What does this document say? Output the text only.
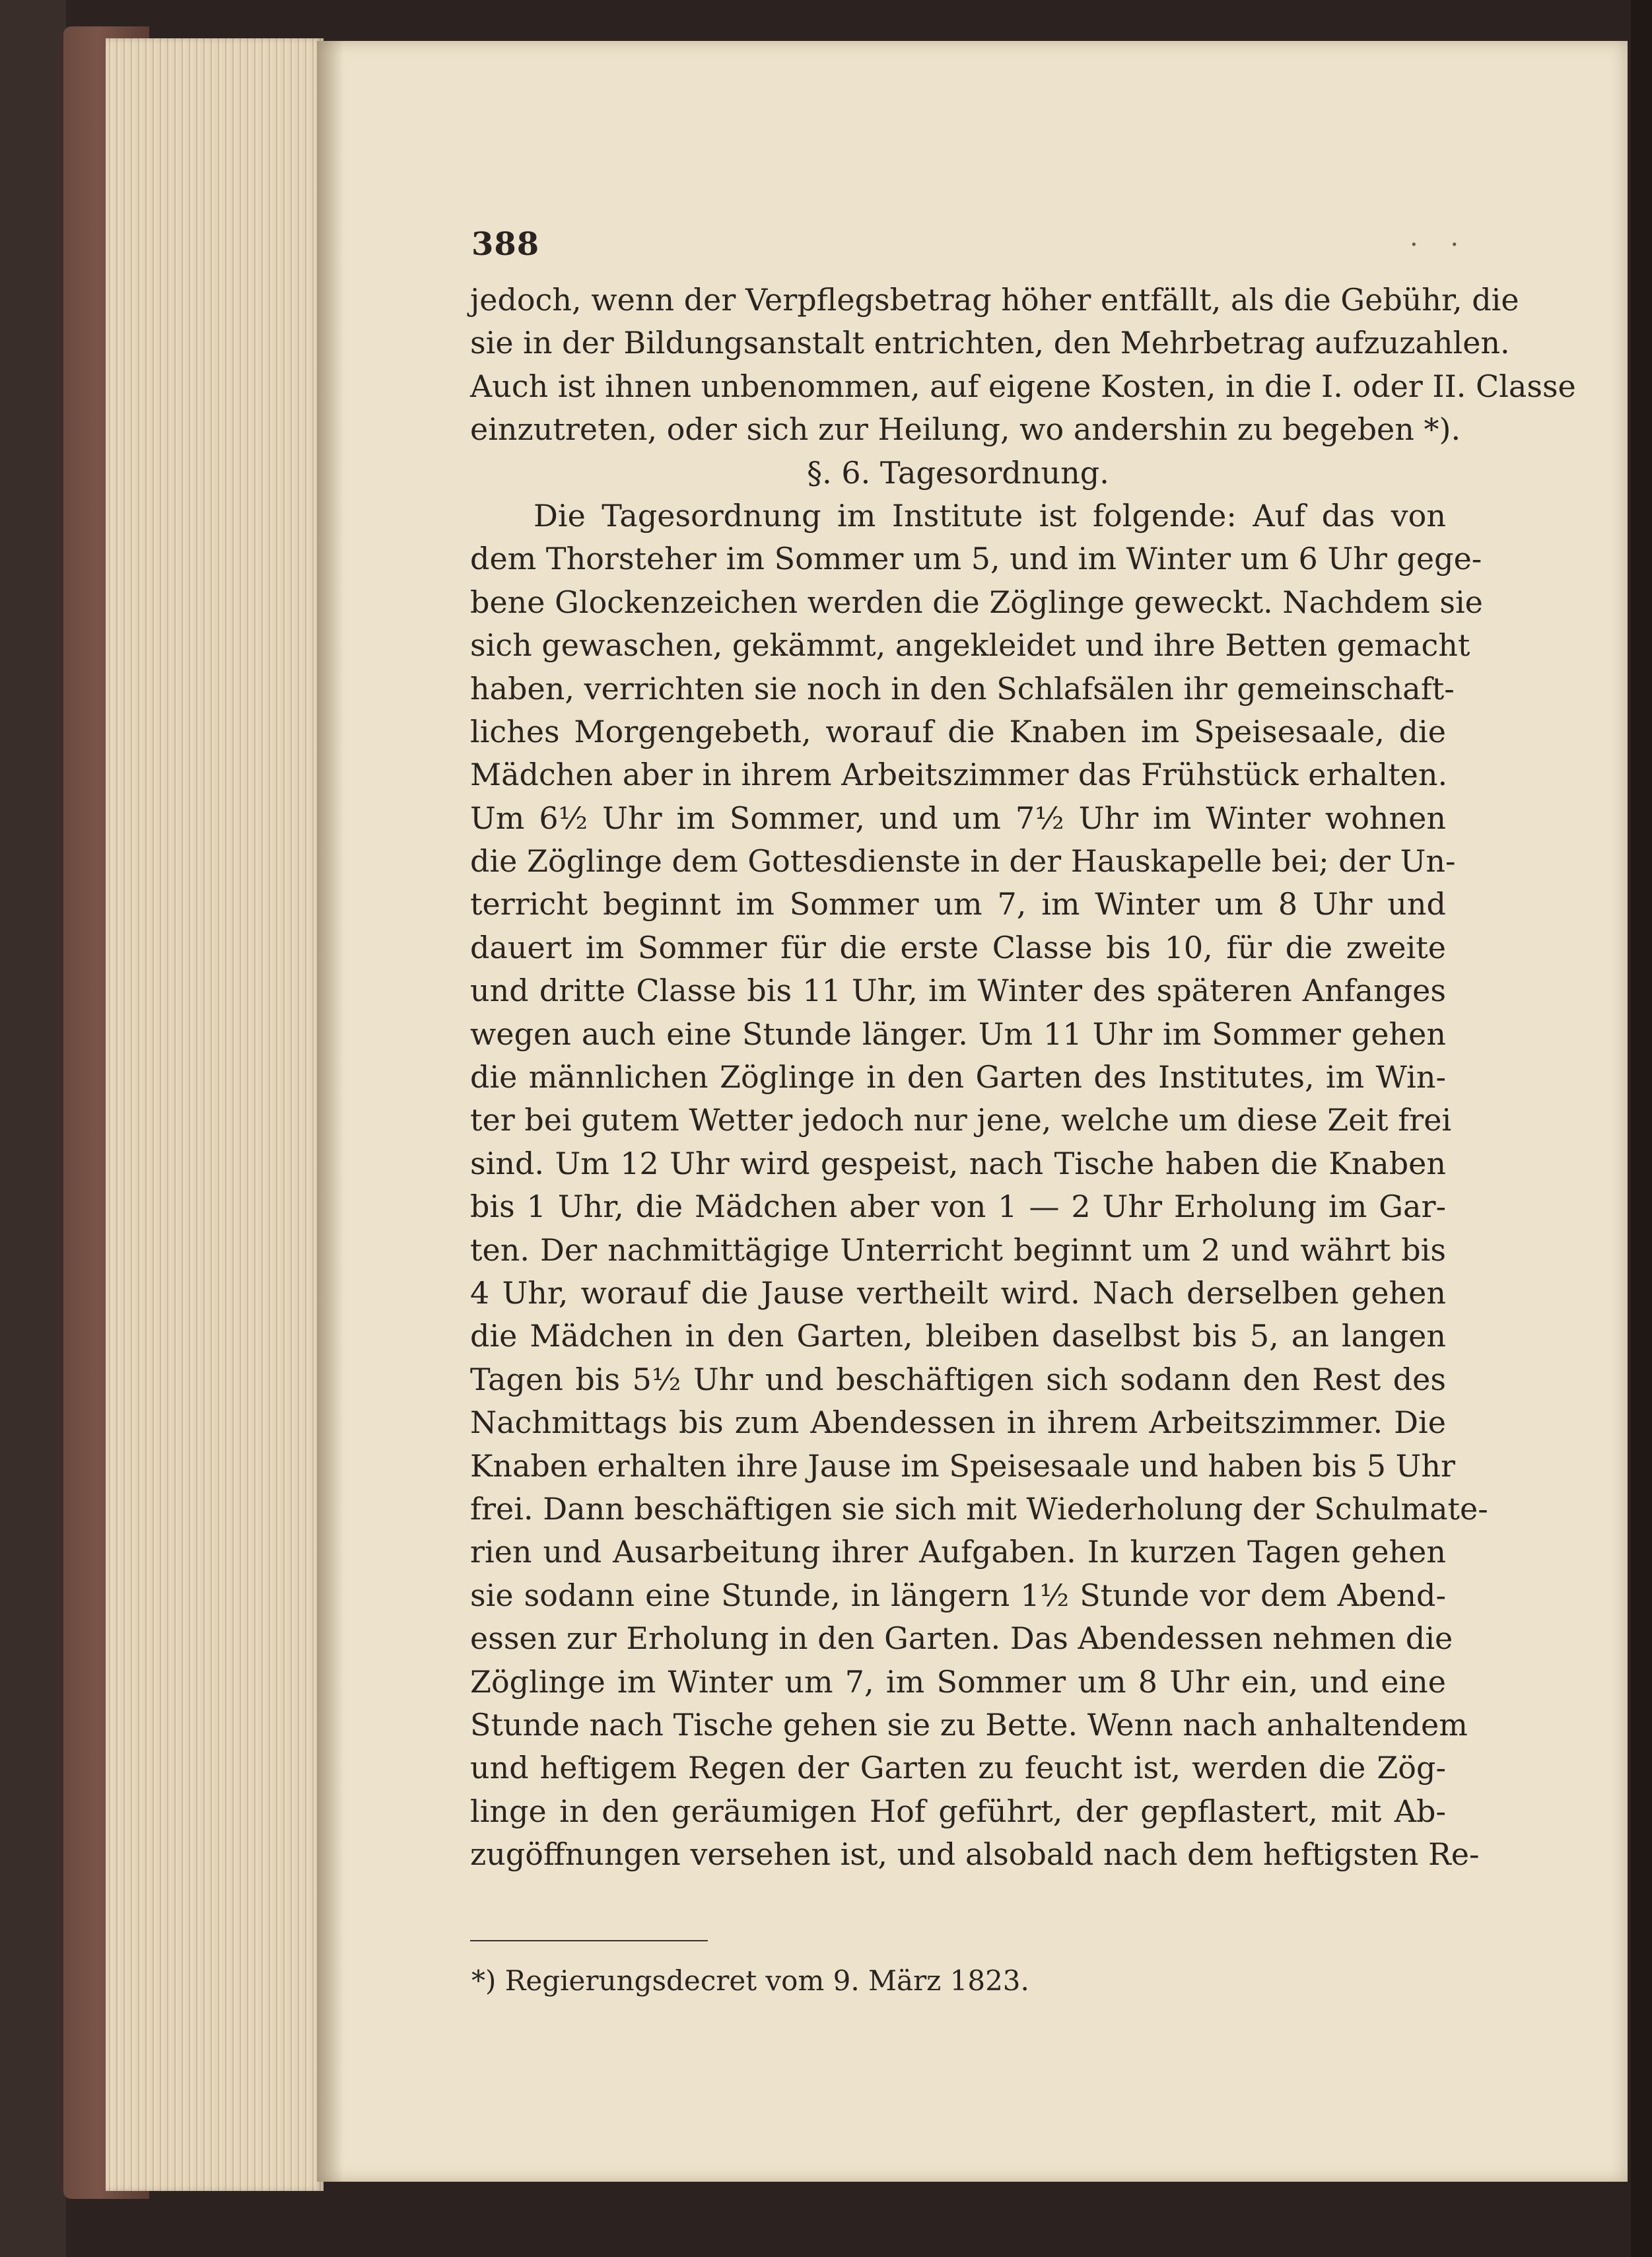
388	. .
jedoch, wenn der Verpflegsbetrag höher entfällt, als die Gebühr, die
sie in der Bildungsanstalt entrichten, den Mehrbetrag aufzuzahlen.
Auch ist ihnen unbenommen, auf eigene Kosten, in die I. oder II. Classe
einzutreten, oder sich zur Heilung, wo andershin zu begeben *).
§. 6. Tagesordnung.
Die Tagesordnung im Institute ist folgende: Auf das von
dem Thorsteher im Sommer um 5, und im Winter um 6 Uhr gege-
bene Glockenzeichen werden die Zöglinge geweckt. Nachdem sie
sich gewaschen, gekämmt, angekleidet und ihre Betten gemacht
haben, verrichten sie noch in den Schlafsälen ihr gemeinschaft-
liches Morgengebeth, worauf die Knaben im Speisesaale, die
Mädchen aber in ihrem Arbeitszimmer das Frühstück erhalten.
Um 6½ Uhr im Sommer, und um 7½ Uhr im Winter wohnen
die Zöglinge dem Gottesdienste in der Hauskapelle bei; der Un-
terricht beginnt im Sommer um 7, im Winter um 8 Uhr und
dauert im Sommer für die erste Classe bis 10, für die zweite
und dritte Classe bis 11 Uhr, im Winter des späteren Anfanges
wegen auch eine Stunde länger. Um 11 Uhr im Sommer gehen
die männlichen Zöglinge in den Garten des Institutes, im Win-
ter bei gutem Wetter jedoch nur jene, welche um diese Zeit frei
sind. Um 12 Uhr wird gespeist, nach Tische haben die Knaben
bis 1 Uhr, die Mädchen aber von 1 — 2 Uhr Erholung im Gar-
ten. Der nachmittägige Unterricht beginnt um 2 und währt bis
4 Uhr, worauf die Jause vertheilt wird. Nach derselben gehen
die Mädchen in den Garten, bleiben daselbst bis 5, an langen
Tagen bis 5½ Uhr und beschäftigen sich sodann den Rest des
Nachmittags bis zum Abendessen in ihrem Arbeitszimmer. Die
Knaben erhalten ihre Jause im Speisesaale und haben bis 5 Uhr
frei. Dann beschäftigen sie sich mit Wiederholung der Schulmate-
rien und Ausarbeitung ihrer Aufgaben. In kurzen Tagen gehen
sie sodann eine Stunde, in längern 1½ Stunde vor dem Abend-
essen zur Erholung in den Garten. Das Abendessen nehmen die
Zöglinge im Winter um 7, im Sommer um 8 Uhr ein, und eine
Stunde nach Tische gehen sie zu Bette. Wenn nach anhaltendem
und heftigem Regen der Garten zu feucht ist, werden die Zög-
linge in den geräumigen Hof geführt, der gepflastert, mit Ab-
zugöffnungen versehen ist, und alsobald nach dem heftigsten Re-
*) Regierungsdecret vom 9. März 1823.
